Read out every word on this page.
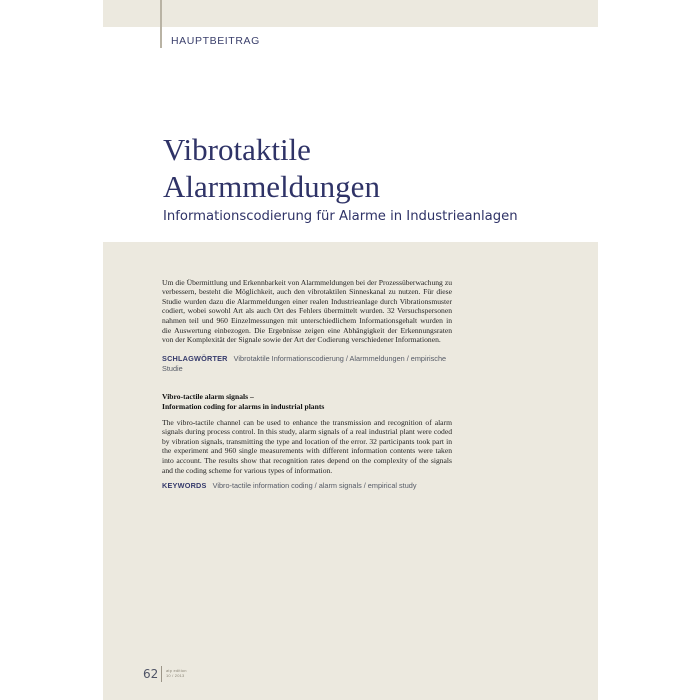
HAUPTBEITRAG
Vibrotaktile
Alarmmeldungen

Informationscodierung für Alarme in Industrieanlagen

Um die Übermittlung und Erkennbarkeit von Alarmmeldungen bei der Prozessüberwachung zu verbessern, besteht die Möglichkeit, auch den vibrotaktilen Sinneskanal zu nutzen. Für diese Studie wurden dazu die Alarmmeldungen einer realen Industrieanlage durch Vibrationsmuster codiert, wobei sowohl Art als auch Ort des Fehlers übermittelt wurden. 32 Versuchspersonen nahmen teil und 960 Einzelmessungen mit unterschiedlichem Informationsgehalt wurden in die Auswertung einbezogen. Die Ergebnisse zeigen eine Abhängigkeit der Erkennungsraten von der Komplexität der Signale sowie der Art der Codierung verschiedener Informationen.

SCHLAGWÖRTER Vibrotaktile Informationscodierung / Alarmmeldungen / empirische Studie
Vibro-tactile alarm signals –
Information coding for alarms in industrial plants

The vibro-tactile channel can be used to enhance the transmission and recognition of alarm signals during process control. In this study, alarm signals of a real industrial plant were coded by vibration signals, transmitting the type and location of the error. 32 participants took part in the experiment and 960 single measurements with different information contents were taken into account. The results show that recognition rates depend on the complexity of the signals and the coding scheme for various types of information.

KEYWORDS Vibro-tactile information coding / alarm signals / empirical study
62 atp edition
10 / 2013
